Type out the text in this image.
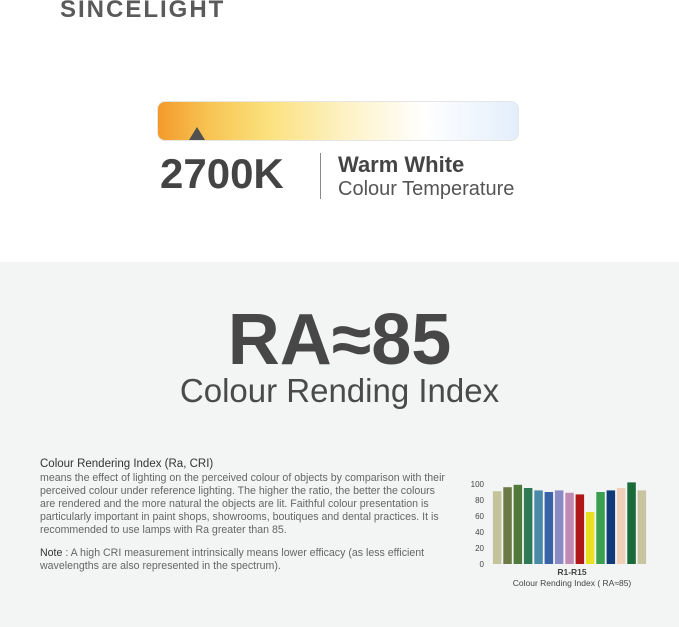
SINCELIGHT
2700K Warm White
Colour Temperature
RA≈85
Colour Rending Index
Colour Rendering Index (Ra, CRI)
means the effect of lighting on the perceived colour of objects by comparison with their perceived colour under reference lighting. The higher the ratio, the better the colours are rendered and the more natural the objects are lit. Faithful colour presentation is particularly important in paint shops, showrooms, boutiques and dental practices. It is recommended to use lamps with Ra greater than 85.
Note : A high CRI measurement intrinsically means lower efficacy (as less efficient wavelengths are also represented in the spectrum).	0
20
40
60
80
100
R1-R15
Colour Rending Index ( RA≈85)
